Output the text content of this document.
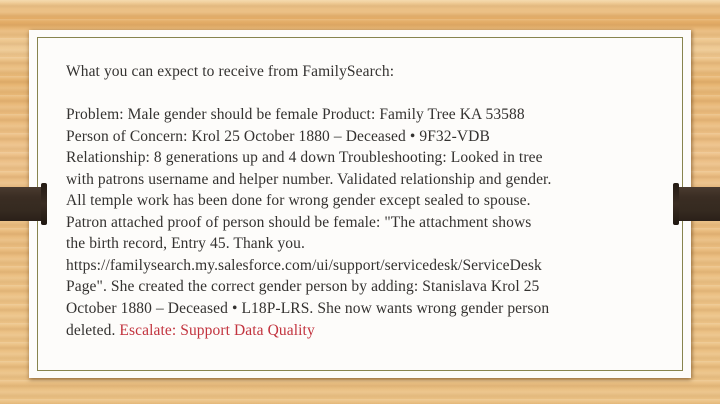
What you can expect to receive from FamilySearch:
Problem: Male gender should be female Product: Family Tree KA 53588
Person of Concern: Krol 25 October 1880 – Deceased • 9F32-VDB
Relationship: 8 generations up and 4 down Troubleshooting: Looked in tree
with patrons username and helper number. Validated relationship and gender.
All temple work has been done for wrong gender except sealed to spouse.
Patron attached proof of person should be female: "The attachment shows
the birth record, Entry 45. Thank you.
https://familysearch.my.salesforce.com/ui/support/servicedesk/ServiceDesk
Page". She created the correct gender person by adding: Stanislava Krol 25
October 1880 – Deceased • L18P-LRS. She now wants wrong gender person
deleted. Escalate: Support Data Quality
